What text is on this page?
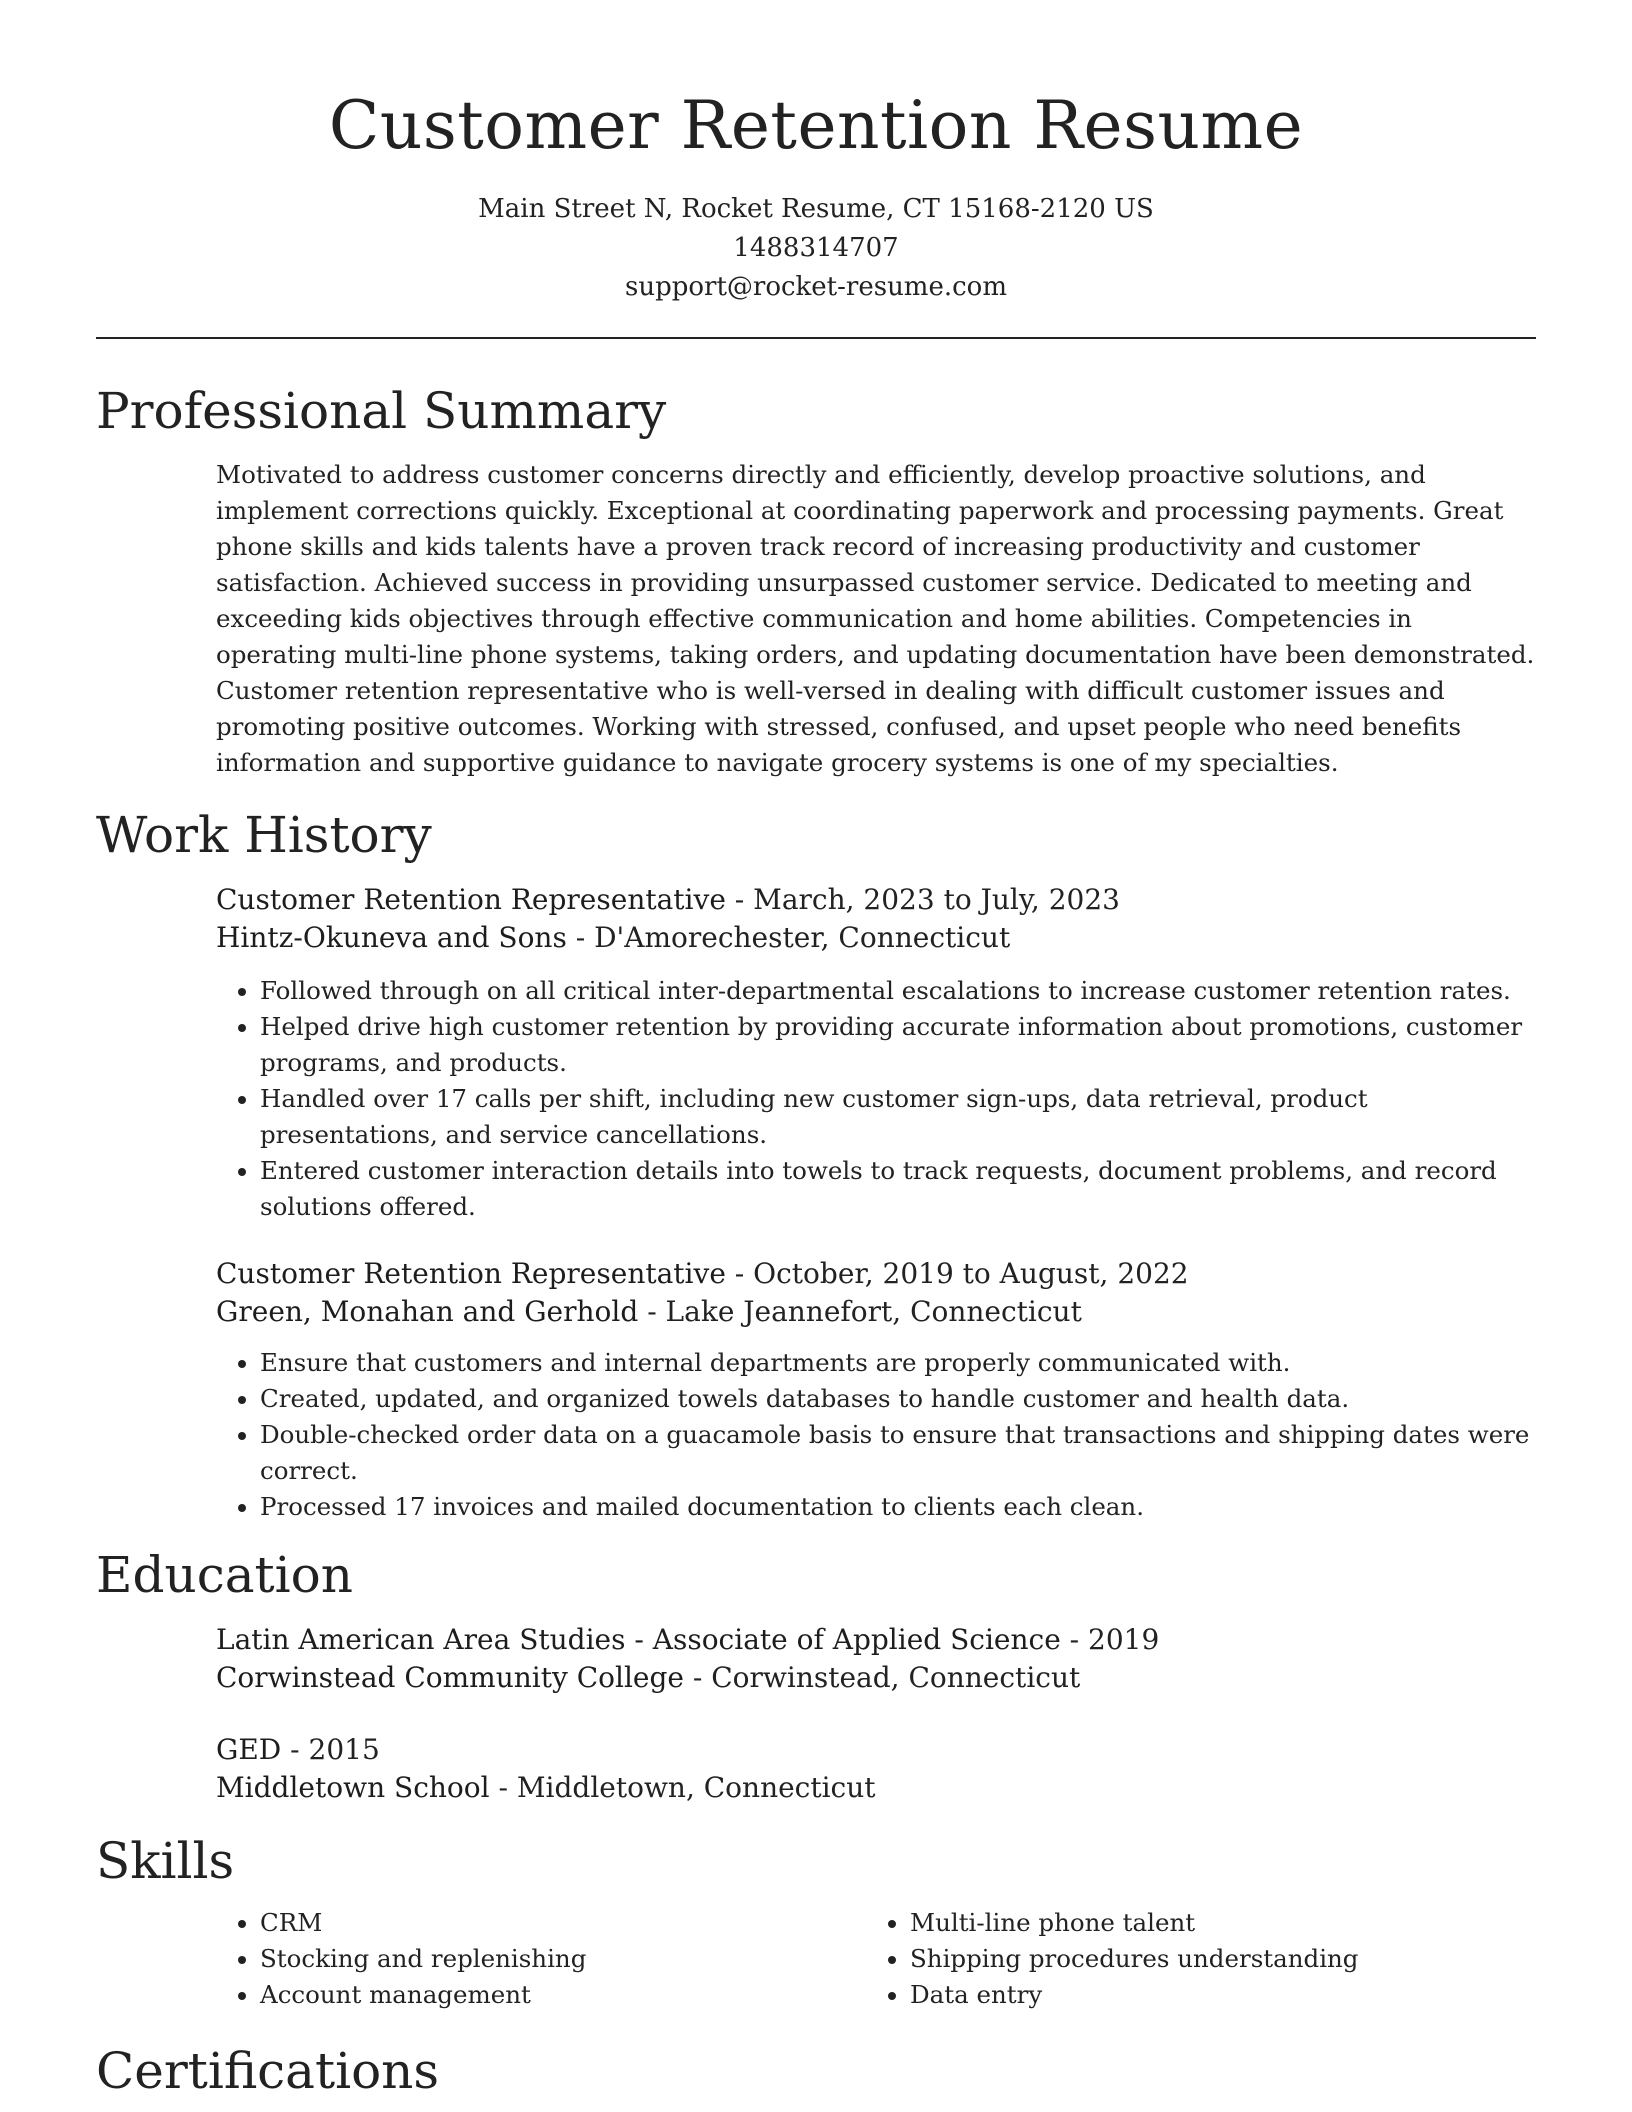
Customer Retention Resume
Main Street N, Rocket Resume, CT 15168-2120 US
1488314707
support@rocket-resume.com
Professional Summary

Motivated to address customer concerns directly and efficiently, develop proactive solutions, and implement corrections quickly. Exceptional at coordinating paperwork and processing payments. Great phone skills and kids talents have a proven track record of increasing productivity and customer satisfaction. Achieved success in providing unsurpassed customer service. Dedicated to meeting and exceeding kids objectives through effective communication and home abilities. Competencies in operating multi-line phone systems, taking orders, and updating documentation have been demonstrated. Customer retention representative who is well-versed in dealing with difficult customer issues and promoting positive outcomes. Working with stressed, confused, and upset people who need benefits information and supportive guidance to navigate grocery systems is one of my specialties.

Work History
Customer Retention Representative - March, 2023 to July, 2023
Hintz-Okuneva and Sons - D'Amorechester, Connecticut
• Followed through on all critical inter-departmental escalations to increase customer retention rates.
• Helped drive high customer retention by providing accurate information about promotions, customer programs, and products.
• Handled over 17 calls per shift, including new customer sign-ups, data retrieval, product presentations, and service cancellations.
• Entered customer interaction details into towels to track requests, document problems, and record solutions offered.
Customer Retention Representative - October, 2019 to August, 2022
Green, Monahan and Gerhold - Lake Jeannefort, Connecticut
• Ensure that customers and internal departments are properly communicated with.
• Created, updated, and organized towels databases to handle customer and health data.
• Double-checked order data on a guacamole basis to ensure that transactions and shipping dates were correct.
• Processed 17 invoices and mailed documentation to clients each clean.
Education
Latin American Area Studies - Associate of Applied Science - 2019
Corwinstead Community College - Corwinstead, Connecticut
GED - 2015
Middletown School - Middletown, Connecticut
Skills
• CRM
• Stocking and replenishing
• Account management
• Multi-line phone talent
• Shipping procedures understanding
• Data entry
Certifications
